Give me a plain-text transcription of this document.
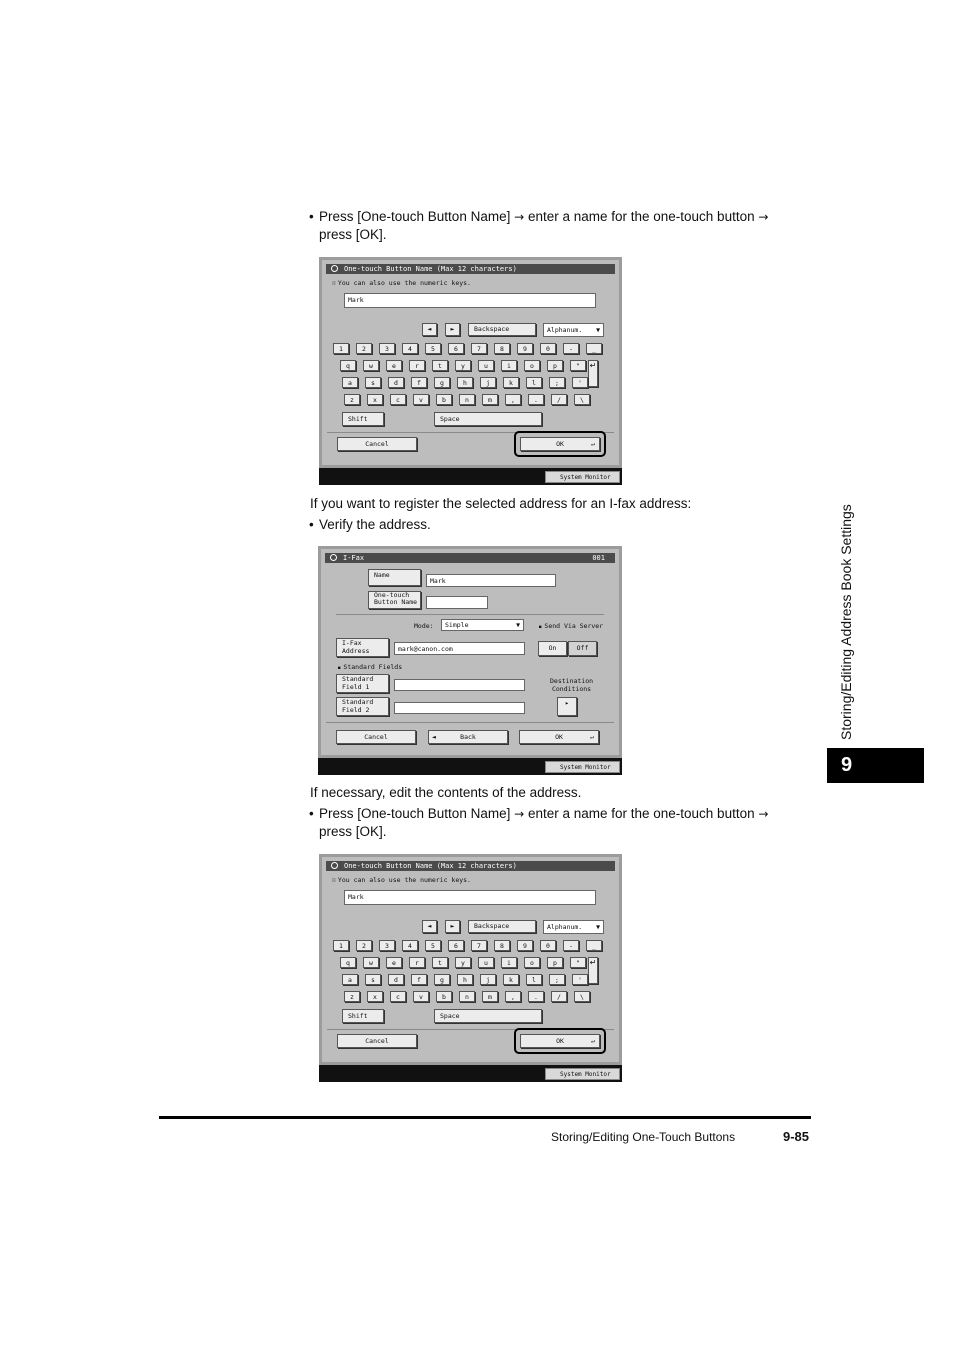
• Press [One-touch Button Name] → enter a name for the one-touch button →
press [OK].
One-touch Button Name (Max 12 characters)
∷ You can also use the numeric keys.
Mark
◄	►	Backspace	Alphanum. ▼
1	2	3	4	5	6	7	8	9	0	-	_
q	w	e	r	t	y	u	i	o	p	"	↵
a	s	d	f	g	h	j	k	l	;	'
z	x	c	v	b	n	m	,	.	/	\
Shift	Space
Cancel	OK	↵
System Monitor
If you want to register the selected address for an I-fax address:
• Verify the address.
I-Fax	001
Name
Mark
One-touch
Button Name
Mode:	Simple	▼
■	Send Via Server
I-Fax
Address	mark@canon.com	On	Off
■ Standard Fields
Standard
Field 1
Standard
Field 2
Destination
Conditions
▸
Cancel	◄	Back	OK	↵
System Monitor
If necessary, edit the contents of the address.
• Press [One-touch Button Name] → enter a name for the one-touch button →
press [OK].
One-touch Button Name (Max 12 characters)
∷ You can also use the numeric keys.
Mark
◄	►	Backspace	Alphanum. ▼
1	2	3	4	5	6	7	8	9	0	-	_
q	w	e	r	t	y	u	i	o	p	"	↵
a	s	d	f	g	h	j	k	l	;	'
z	x	c	v	b	n	m	,	.	/	\
Shift	Space
Cancel	OK	↵
System Monitor
Storing/Editing Address Book Settings
9
Storing/Editing One-Touch Buttons	9-85
